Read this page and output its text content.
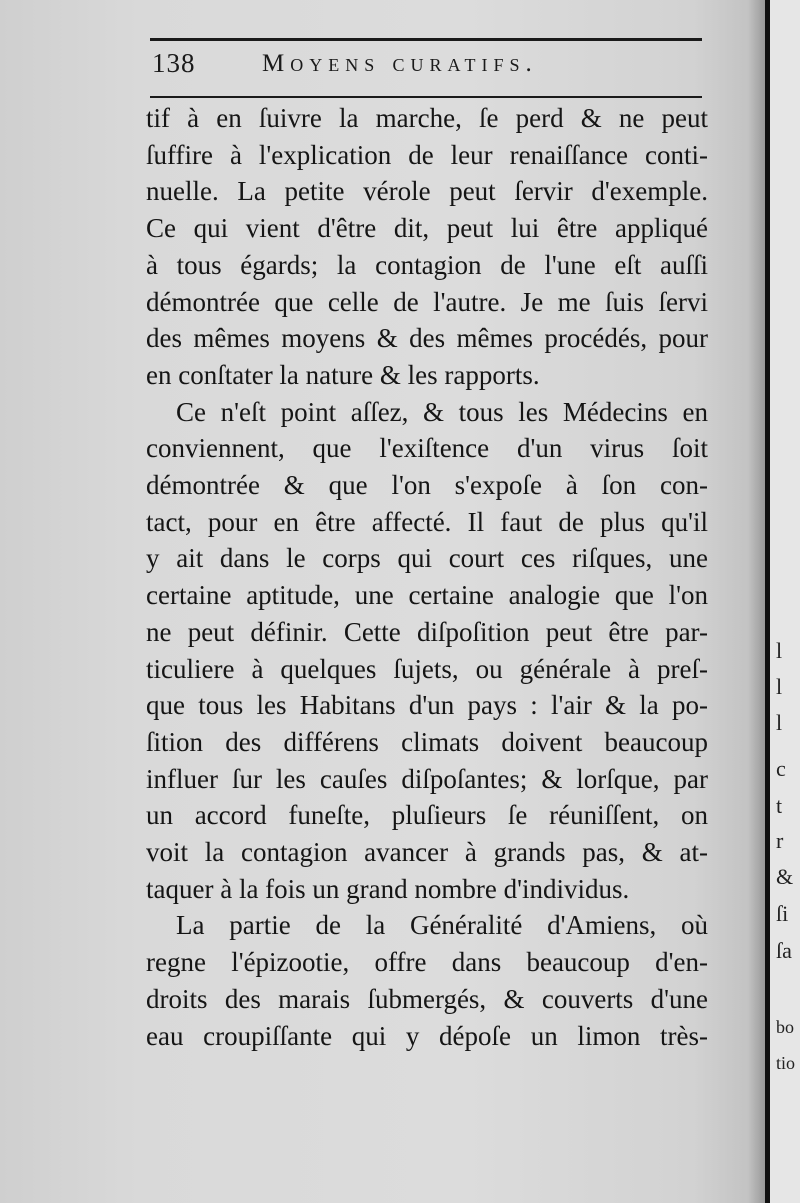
138	Moyens curatifs.
tif à en ſuivre la marche, ſe perd & ne peut
ſuffire à l'explication de leur renaiſſance conti-
nuelle. La petite vérole peut ſervir d'exemple.
Ce qui vient d'être dit, peut lui être appliqué
à tous égards; la contagion de l'une eſt auſſi
démontrée que celle de l'autre. Je me ſuis ſervi
des mêmes moyens & des mêmes procédés, pour
en conſtater la nature & les rapports.
Ce n'eſt point aſſez, & tous les Médecins en
conviennent, que l'exiſtence d'un virus ſoit
démontrée & que l'on s'expoſe à ſon con-
tact, pour en être affecté. Il faut de plus qu'il
y ait dans le corps qui court ces riſques, une
certaine aptitude, une certaine analogie que l'on
ne peut définir. Cette diſpoſition peut être par-
ticuliere à quelques ſujets, ou générale à preſ-
que tous les Habitans d'un pays : l'air & la po-
ſition des différens climats doivent beaucoup
influer ſur les cauſes diſpoſantes; & lorſque, par
un accord funeſte, pluſieurs ſe réuniſſent, on
voit la contagion avancer à grands pas, & at-
taquer à la fois un grand nombre d'individus.
La partie de la Généralité d'Amiens, où
regne l'épizootie, offre dans beaucoup d'en-
droits des marais ſubmergés, & couverts d'une
eau croupiſſante qui y dépoſe un limon très-
l
l
l
c
t
r
&
ſi
ſa
bo
tio
